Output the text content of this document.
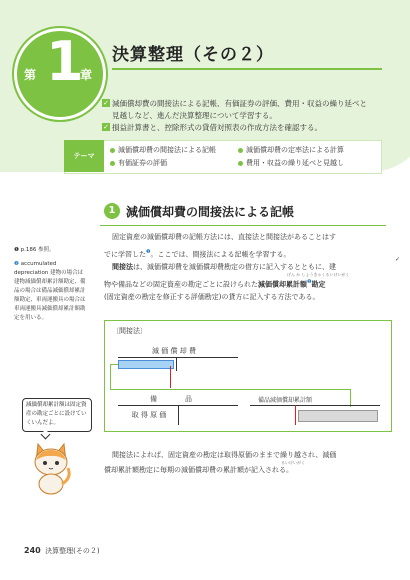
第 1
章
決算整理（その２）
✓ 減価償却費の間接法による記帳、有価証券の評価、費用・収益の繰り延べと見越しなど、進んだ決算整理について学習する。
✓ 損益計算書と、控除形式の貸借対照表の作成方法を確認する。
テーマ
減価償却費の間接法による記帳	減価償却費の定率法による計算
有価証券の評価	費用・収益の繰り延べと見越し
1 減価償却費の間接法による記帳
固定資産の減価償却費の記帳方法には、直接法と間接法があることはす
でに学習した$^❶$。ここでは、間接法による記帳を学習する。
間接法は、減価償却費を減価償却費勘定の借方に記入するとともに、建
げん か しょうきゃくるいけいがく
物や備品などの固定資産の勘定ごとに設けられた減価償却累計額$^❷$勘定
(固定資産の勘定を修正する評価勘定)の貸方に記入する方法である。
✓
❶ p.186 参照。
❷ accumulated depreciation 建物の場合は建物減価償却累計額勘定、備品の場合は備品減価償却累計額勘定、車両運搬具の場合は車両運搬具減価償却累計額勘定を用いる。
減価償却累計額は固定資産の勘定ごとに設けていくいんだよ。
〔間接法〕
減 価 償 却 費
備　　　　品
取 得 原 価
備品減価償却累計額
間接法によれば、固定資産の勘定は取得原価のままで繰り越され、減価
るいけいがく
償却累計額勘定に毎期の減価償却費の累計額が記入される。
240 決算整理(その２)
